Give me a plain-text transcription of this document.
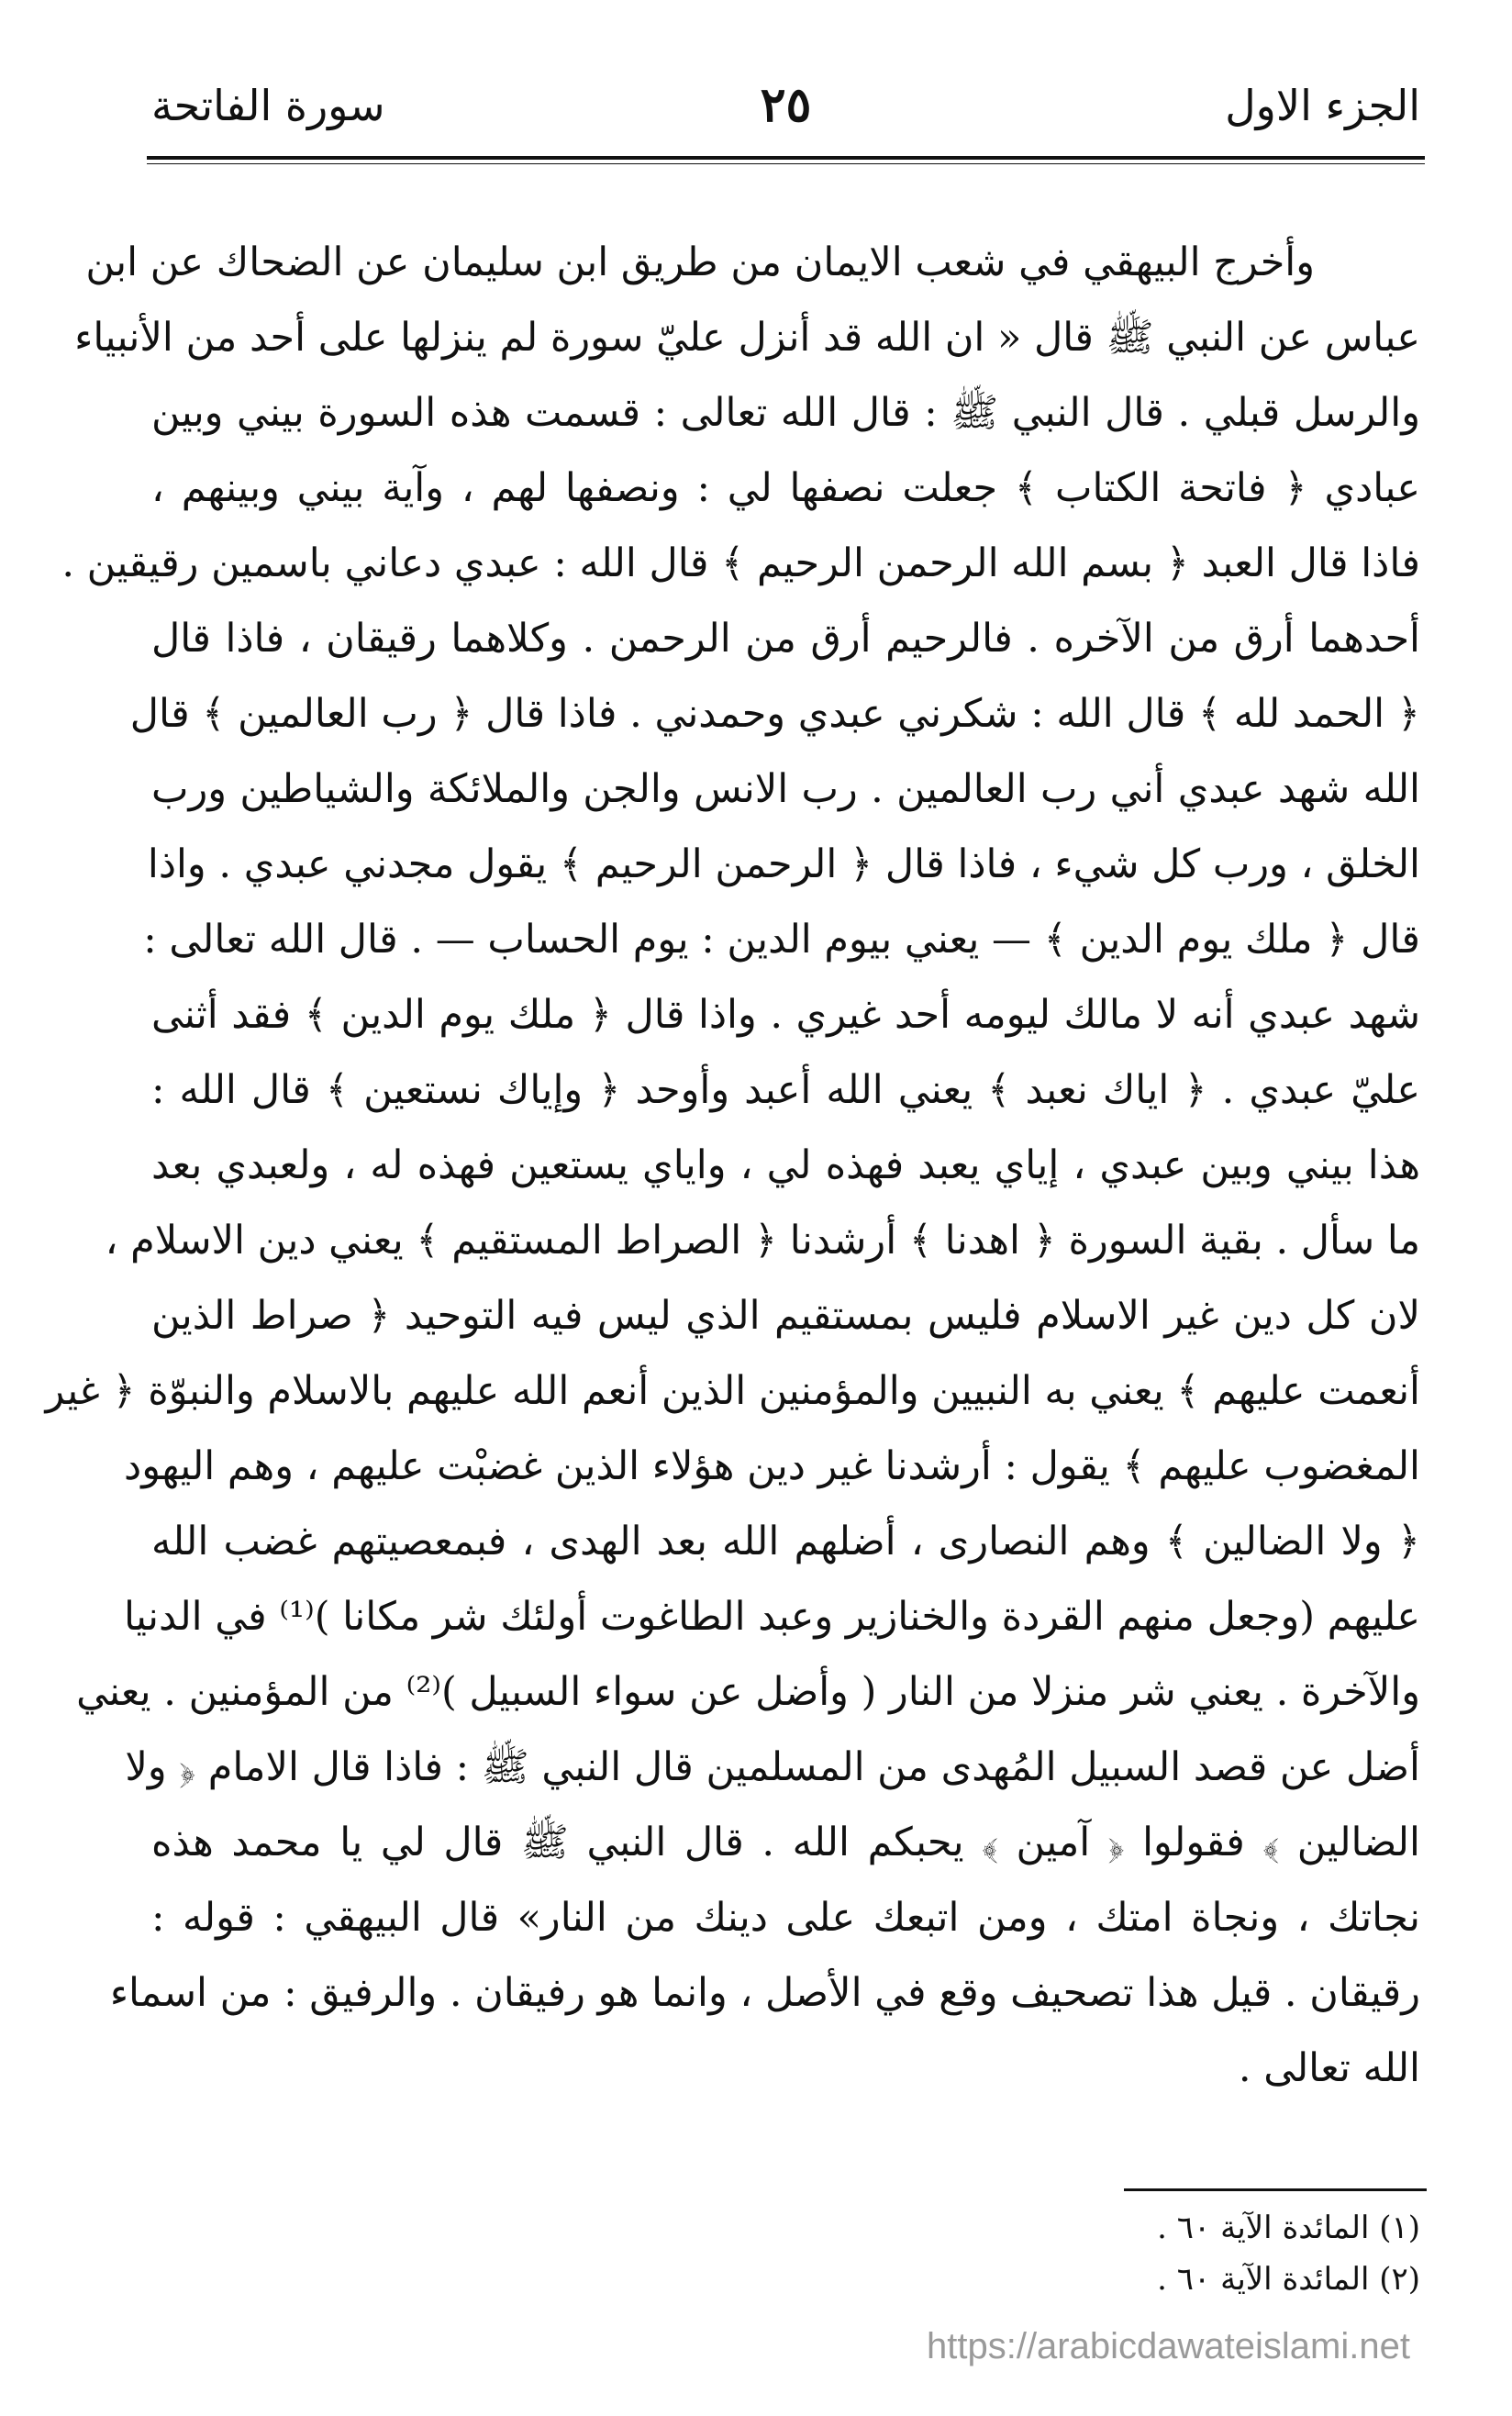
الجزء الاول
٢٥
سورة الفاتحة
وأخرج البيهقي في شعب الايمان من طريق ابن سليمان عن الضحاك عن ابن
عباس عن النبي ﷺ قال « ان الله قد أنزل عليّ سورة لم ينزلها على أحد من الأنبياء
والرسل قبلي . قال النبي ﷺ : قال الله تعالى : قسمت هذه السورة بيني وبين
عبادي ﴿ فاتحة الكتاب ﴾ جعلت نصفها لي : ونصفها لهم ، وآية بيني وبينهم ،
فاذا قال العبد ﴿ بسم الله الرحمن الرحيم ﴾ قال الله : عبدي دعاني باسمين رقيقين .
أحدهما أرق من الآخره . فالرحيم أرق من الرحمن . وكلاهما رقيقان ، فاذا قال
﴿ الحمد لله ﴾ قال الله : شكرني عبدي وحمدني . فاذا قال ﴿ رب العالمين ﴾ قال
الله شهد عبدي أني رب العالمين . رب الانس والجن والملائكة والشياطين ورب
الخلق ، ورب كل شيء ، فاذا قال ﴿ الرحمن الرحيم ﴾ يقول مجدني عبدي . واذا
قال ﴿ ملك يوم الدين ﴾ — يعني بيوم الدين : يوم الحساب — . قال الله تعالى :
شهد عبدي أنه لا مالك ليومه أحد غيري . واذا قال ﴿ ملك يوم الدين ﴾ فقد أثنى
عليّ عبدي . ﴿ اياك نعبد ﴾ يعني الله أعبد وأوحد ﴿ وإياك نستعين ﴾ قال الله :
هذا بيني وبين عبدي ، إياي يعبد فهذه لي ، واياي يستعين فهذه له ، ولعبدي بعد
ما سأل . بقية السورة ﴿ اهدنا ﴾ أرشدنا ﴿ الصراط المستقيم ﴾ يعني دين الاسلام ،
لان كل دين غير الاسلام فليس بمستقيم الذي ليس فيه التوحيد ﴿ صراط الذين
أنعمت عليهم ﴾ يعني به النبيين والمؤمنين الذين أنعم الله عليهم بالاسلام والنبوّة ﴿ غير
المغضوب عليهم ﴾ يقول : أرشدنا غير دين هؤلاء الذين غضبْت عليهم ، وهم اليهود
﴿ ولا الضالين ﴾ وهم النصارى ، أضلهم الله بعد الهدى ، فبمعصيتهم غضب الله
عليهم (وجعل منهم القردة والخنازير وعبد الطاغوت أولئك شر مكانا )⁽¹⁾ في الدنيا
والآخرة . يعني شر منزلا من النار ( وأضل عن سواء السبيل )⁽²⁾ من المؤمنين . يعني
أضل عن قصد السبيل المُهدى من المسلمين قال النبي ﷺ : فاذا قال الامام ﴿ ولا
الضالين ﴾ فقولوا ﴿ آمين ﴾ يحبكم الله . قال النبي ﷺ قال لي يا محمد هذه
نجاتك ، ونجاة امتك ، ومن اتبعك على دينك من النار» قال البيهقي : قوله :
رقيقان . قيل هذا تصحيف وقع في الأصل ، وانما هو رفيقان . والرفيق : من اسماء
الله تعالى .
(١) المائدة الآية ٦٠ .
(٢) المائدة الآية ٦٠ .
https://arabicdawateislami.net
